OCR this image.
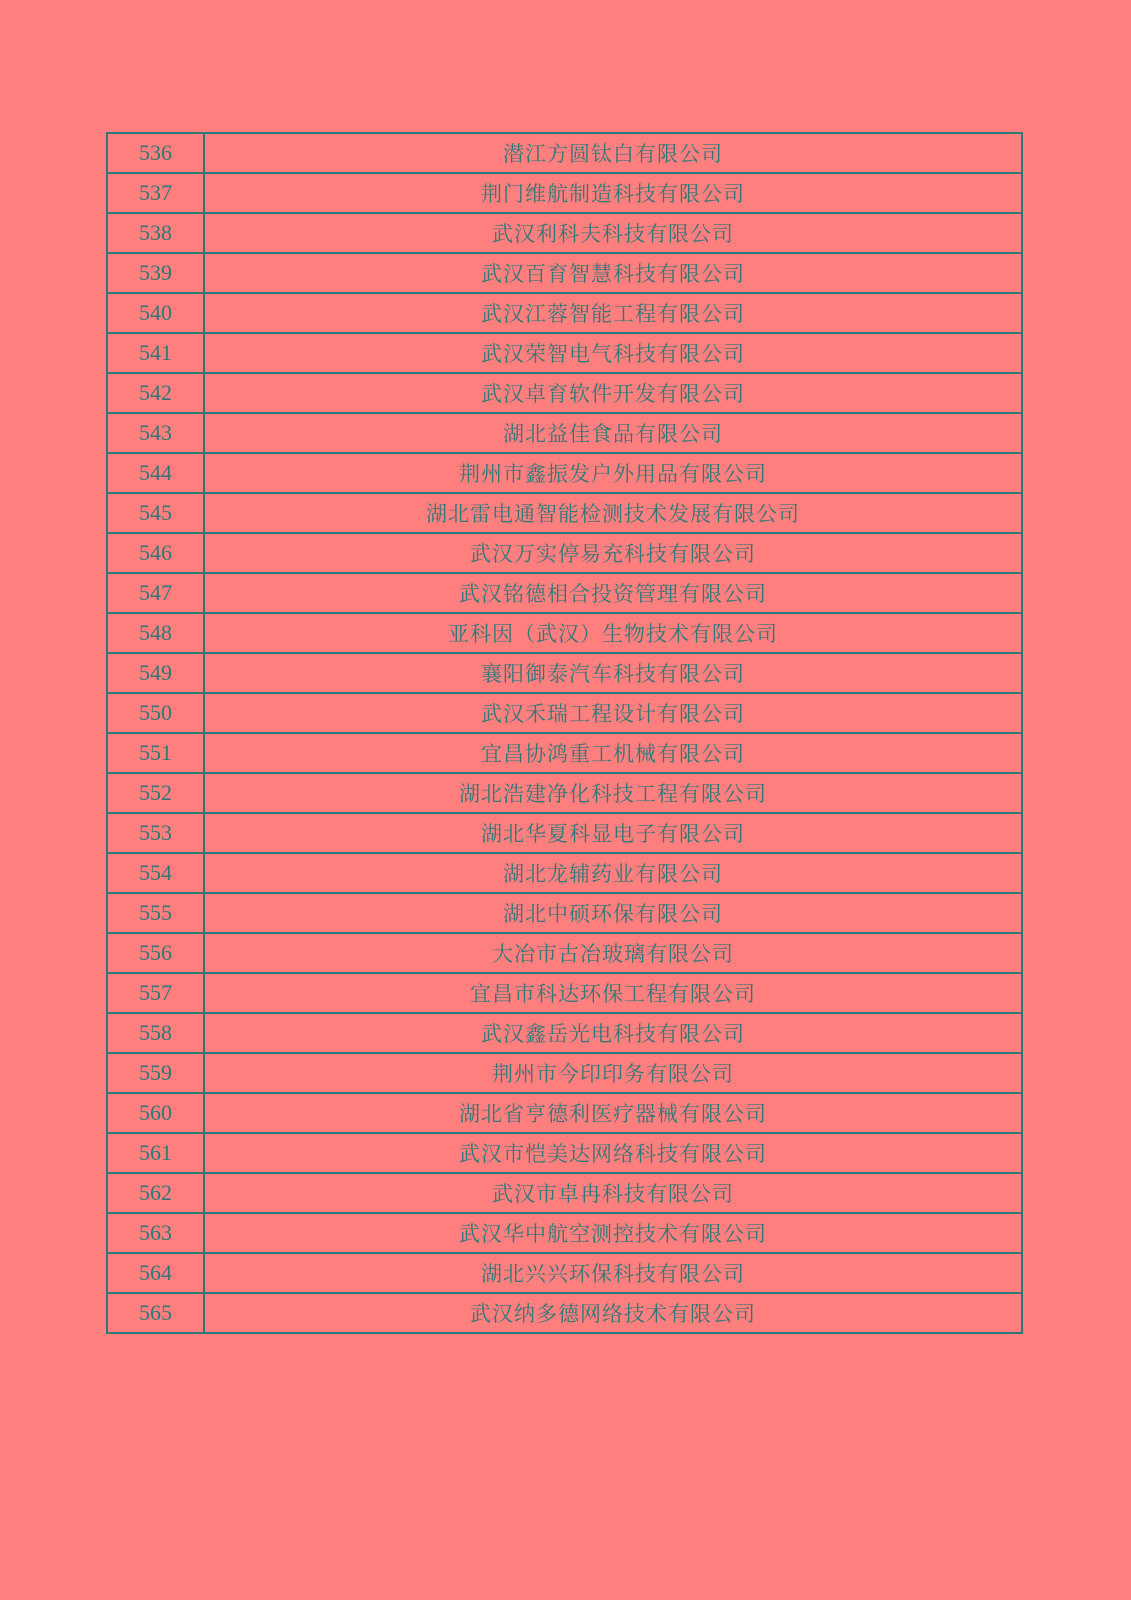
536	潜江方圆钛白有限公司
537	荆门维航制造科技有限公司
538	武汉利科夫科技有限公司
539	武汉百育智慧科技有限公司
540	武汉江蓉智能工程有限公司
541	武汉荣智电气科技有限公司
542	武汉卓育软件开发有限公司
543	湖北益佳食品有限公司
544	荆州市鑫振发户外用品有限公司
545	湖北雷电通智能检测技术发展有限公司
546	武汉万实停易充科技有限公司
547	武汉铭德相合投资管理有限公司
548	亚科因（武汉）生物技术有限公司
549	襄阳御泰汽车科技有限公司
550	武汉禾瑞工程设计有限公司
551	宜昌协鸿重工机械有限公司
552	湖北浩建净化科技工程有限公司
553	湖北华夏科显电子有限公司
554	湖北龙辅药业有限公司
555	湖北中硕环保有限公司
556	大冶市古冶玻璃有限公司
557	宜昌市科达环保工程有限公司
558	武汉鑫岳光电科技有限公司
559	荆州市今印印务有限公司
560	湖北省亨德利医疗器械有限公司
561	武汉市恺美达网络科技有限公司
562	武汉市卓冉科技有限公司
563	武汉华中航空测控技术有限公司
564	湖北兴兴环保科技有限公司
565	武汉纳多德网络技术有限公司
